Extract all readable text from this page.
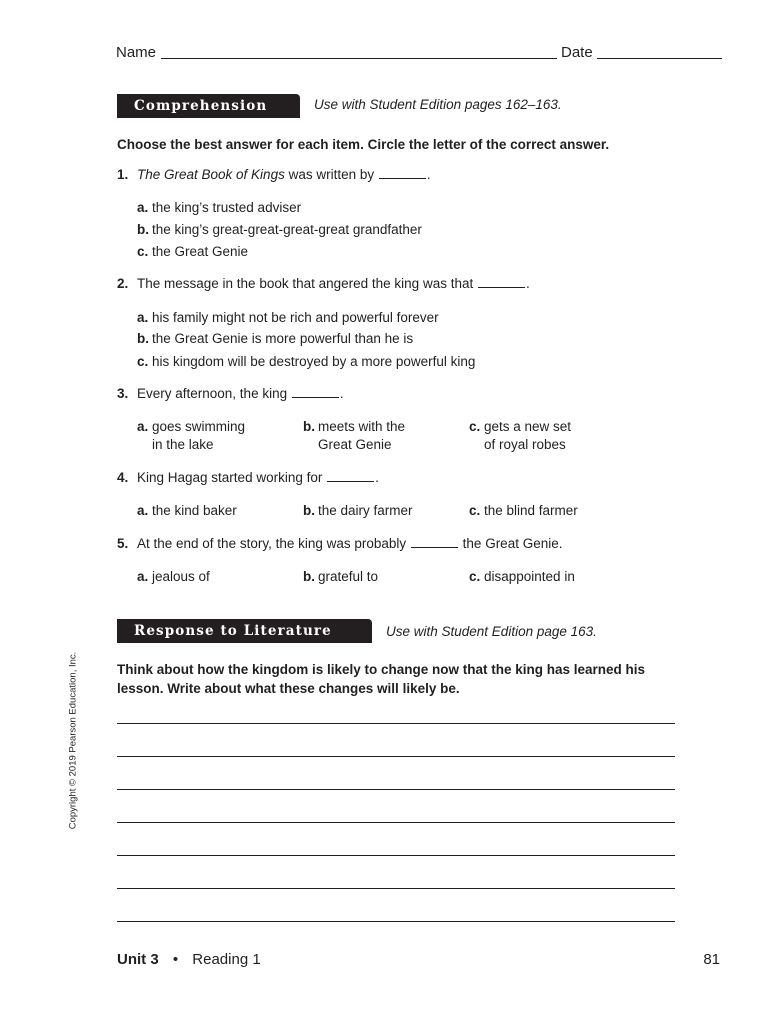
Name	Date
Comprehension	Use with Student Edition pages 162–163.
Choose the best answer for each item. Circle the letter of the correct answer.
1. The Great Book of Kings was written by	.
a. the king’s trusted adviser
b. the king’s great-great-great-great grandfather
c. the Great Genie
2. The message in the book that angered the king was that	.
a. his family might not be rich and powerful forever
b. the Great Genie is more powerful than he is
c. his kingdom will be destroyed by a more powerful king
3. Every afternoon, the king	.
a. goes swimming
in the lake
b. meets with the
Great Genie
c. gets a new set
of royal robes
4. King Hagag started working for	.
a. the kind baker	b. the dairy farmer	c. the blind farmer
5. At the end of the story, the king was probably	the Great Genie.
a. jealous of	b. grateful to	c. disappointed in
Response to Literature	Use with Student Edition page 163.
Think about how the kingdom is likely to change now that the king has learned his
lesson. Write about what these changes will likely be.
Copyright © 2019 Pearson Education, Inc.
Unit 3 • Reading 1	81
